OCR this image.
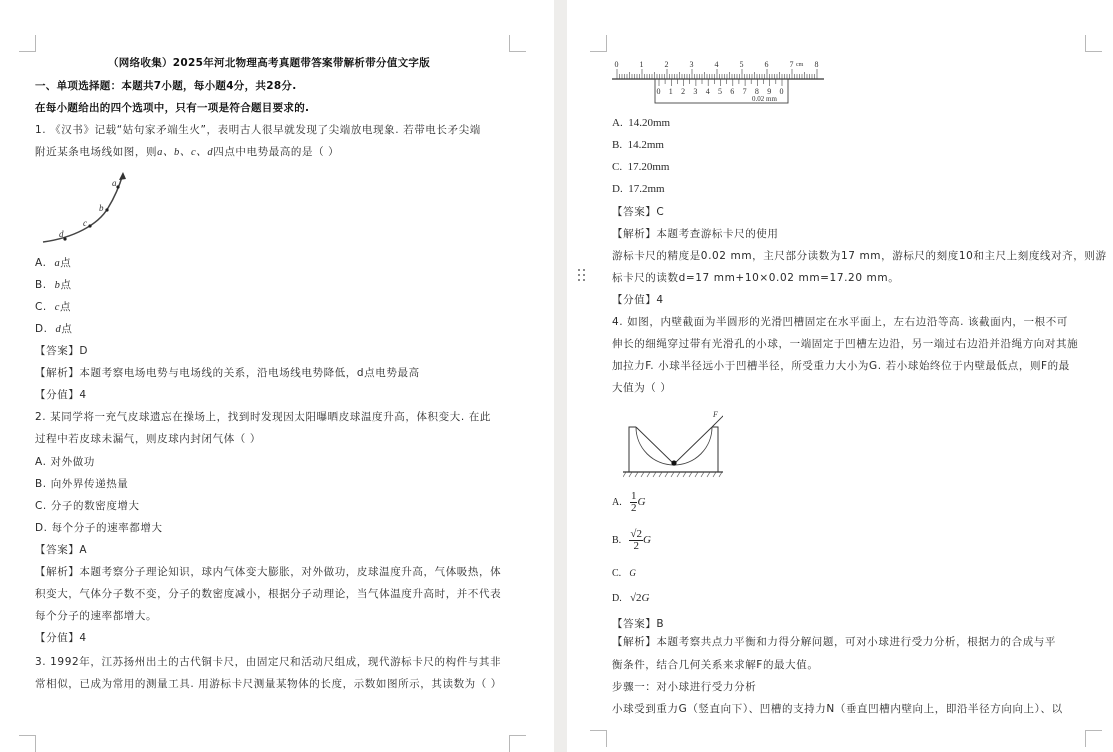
（网络收集）2025年河北物理高考真题带答案带解析带分值文字版
一、单项选择题：本题共7小题，每小题4分，共28分.
在每小题给出的四个选项中，只有一项是符合题目要求的.
1. 《汉书》记载“姑句家矛端生火”，表明古人很早就发现了尖端放电现象. 若带电长矛尖端
附近某条电场线如图，则a、b、c、d四点中电势最高的是（ ）
a
b
c
d
A. a点
B. b点
C. c点
D. d点
【答案】D
【解析】本题考察电场电势与电场线的关系，沿电场线电势降低，d点电势最高
【分值】4
2. 某同学将一充气皮球遗忘在操场上，找到时发现因太阳曝晒皮球温度升高，体积变大. 在此
过程中若皮球未漏气，则皮球内封闭气体（ ）
A. 对外做功
B. 向外界传递热量
C. 分子的数密度增大
D. 每个分子的速率都增大
【答案】A
【解析】本题考察分子理论知识，球内气体变大膨胀，对外做功，皮球温度升高，气体吸热，体
积变大，气体分子数不变，分子的数密度减小，根据分子动理论，当气体温度升高时，并不代表
每个分子的速率都增大。
【分值】4
3. 1992年，江苏扬州出土的古代铜卡尺，由固定尺和活动尺组成，现代游标卡尺的构件与其非
常相似，已成为常用的测量工具. 用游标卡尺测量某物体的长度，示数如图所示，其读数为（ ）
0	1	2	3	4	5	6	7 cm 8
0 1 2 3 4 5 6 7 8 9 0
0.02 mm
A. 14.20mm
B. 14.2mm
C. 17.20mm
D. 17.2mm
【答案】C
【解析】本题考查游标卡尺的使用
游标卡尺的精度是0.02 mm，主尺部分读数为17 mm，游标尺的刻度10和主尺上刻度线对齐，则游
标卡尺的读数d=17 mm+10×0.02 mm=17.20 mm。
【分值】4
4. 如图，内壁截面为半圆形的光滑凹槽固定在水平面上，左右边沿等高. 该截面内，一根不可
伸长的细绳穿过带有光滑孔的小球，一端固定于凹槽左边沿，另一端过右边沿并沿绳方向对其施
加拉力F. 小球半径远小于凹槽半径，所受重力大小为G. 若小球始终位于内壁最低点，则F的最
大值为（ ）
F
A. $\frac{1}{2}$ G
B. $\frac{√2}{2}$ G
C. G
D. √2G
【答案】B
【解析】本题考察共点力平衡和力得分解问题，可对小球进行受力分析，根据力的合成与平
衡条件，结合几何关系来求解F的最大值。
步骤一：对小球进行受力分析
小球受到重力G（竖直向下）、凹槽的支持力N（垂直凹槽内壁向上，即沿半径方向向上）、以
